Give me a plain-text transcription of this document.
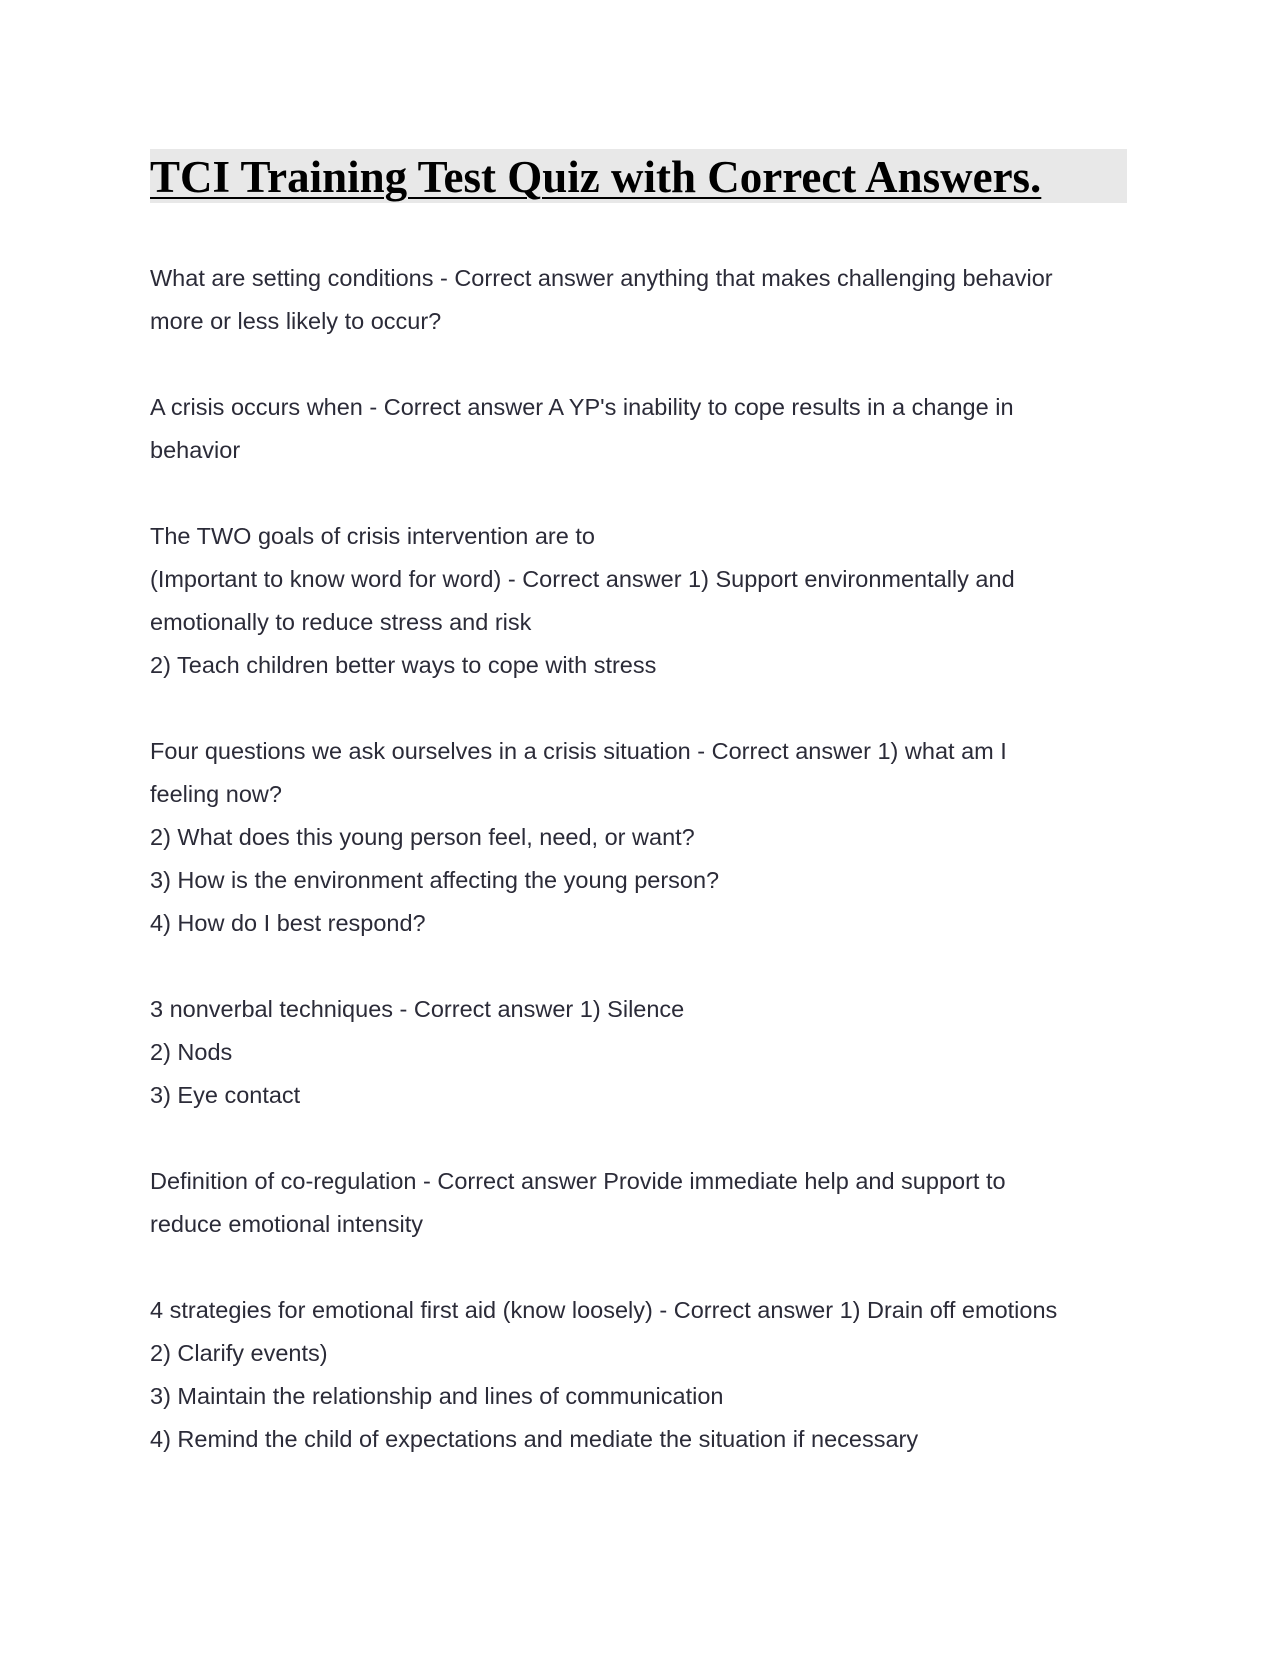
TCI Training Test Quiz with Correct Answers.
What are setting conditions - Correct answer anything that makes challenging behavior
more or less likely to occur?
A crisis occurs when - Correct answer A YP's inability to cope results in a change in
behavior
The TWO goals of crisis intervention are to
(Important to know word for word) - Correct answer 1) Support environmentally and
emotionally to reduce stress and risk
2) Teach children better ways to cope with stress
Four questions we ask ourselves in a crisis situation - Correct answer 1) what am I
feeling now?
2) What does this young person feel, need, or want?
3) How is the environment affecting the young person?
4) How do I best respond?
3 nonverbal techniques - Correct answer 1) Silence
2) Nods
3) Eye contact
Definition of co-regulation - Correct answer Provide immediate help and support to
reduce emotional intensity
4 strategies for emotional first aid (know loosely) - Correct answer 1) Drain off emotions
2) Clarify events)
3) Maintain the relationship and lines of communication
4) Remind the child of expectations and mediate the situation if necessary
